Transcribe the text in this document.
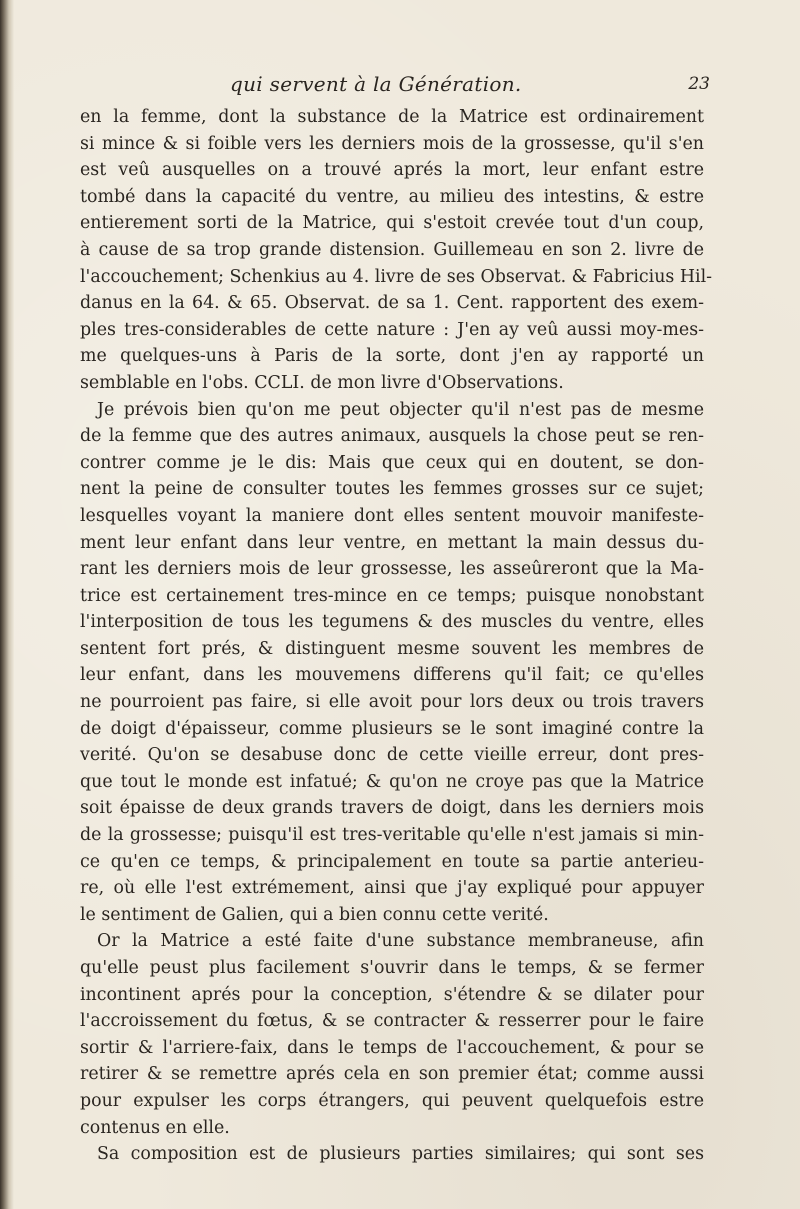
qui servent à la Génération.	23
en la femme, dont la substance de la Matrice est ordinairement
si mince & si foible vers les derniers mois de la grossesse, qu'il s'en
est veû ausquelles on a trouvé aprés la mort, leur enfant estre
tombé dans la capacité du ventre, au milieu des intestins, & estre
entierement sorti de la Matrice, qui s'estoit crevée tout d'un coup,
à cause de sa trop grande distension. Guillemeau en son 2. livre de
l'accouchement; Schenkius au 4. livre de ses Observat. & Fabricius Hil-
danus en la 64. & 65. Observat. de sa 1. Cent. rapportent des exem-
ples tres-considerables de cette nature : J'en ay veû aussi moy-mes-
me quelques-uns à Paris de la sorte, dont j'en ay rapporté un
semblable en l'obs. CCLI. de mon livre d'Observations.
Je prévois bien qu'on me peut objecter qu'il n'est pas de mesme
de la femme que des autres animaux, ausquels la chose peut se ren-
contrer comme je le dis: Mais que ceux qui en doutent, se don-
nent la peine de consulter toutes les femmes grosses sur ce sujet;
lesquelles voyant la maniere dont elles sentent mouvoir manifeste-
ment leur enfant dans leur ventre, en mettant la main dessus du-
rant les derniers mois de leur grossesse, les asseûreront que la Ma-
trice est certainement tres-mince en ce temps; puisque nonobstant
l'interposition de tous les tegumens & des muscles du ventre, elles
sentent fort prés, & distinguent mesme souvent les membres de
leur enfant, dans les mouvemens differens qu'il fait; ce qu'elles
ne pourroient pas faire, si elle avoit pour lors deux ou trois travers
de doigt d'épaisseur, comme plusieurs se le sont imaginé contre la
verité. Qu'on se desabuse donc de cette vieille erreur, dont pres-
que tout le monde est infatué; & qu'on ne croye pas que la Matrice
soit épaisse de deux grands travers de doigt, dans les derniers mois
de la grossesse; puisqu'il est tres-veritable qu'elle n'est jamais si min-
ce qu'en ce temps, & principalement en toute sa partie anterieu-
re, où elle l'est extrémement, ainsi que j'ay expliqué pour appuyer
le sentiment de Galien, qui a bien connu cette verité.
Or la Matrice a esté faite d'une substance membraneuse, afin
qu'elle peust plus facilement s'ouvrir dans le temps, & se fermer
incontinent aprés pour la conception, s'étendre & se dilater pour
l'accroissement du fœtus, & se contracter & resserrer pour le faire
sortir & l'arriere-faix, dans le temps de l'accouchement, & pour se
retirer & se remettre aprés cela en son premier état; comme aussi
pour expulser les corps étrangers, qui peuvent quelquefois estre
contenus en elle.
Sa composition est de plusieurs parties similaires; qui sont ses
